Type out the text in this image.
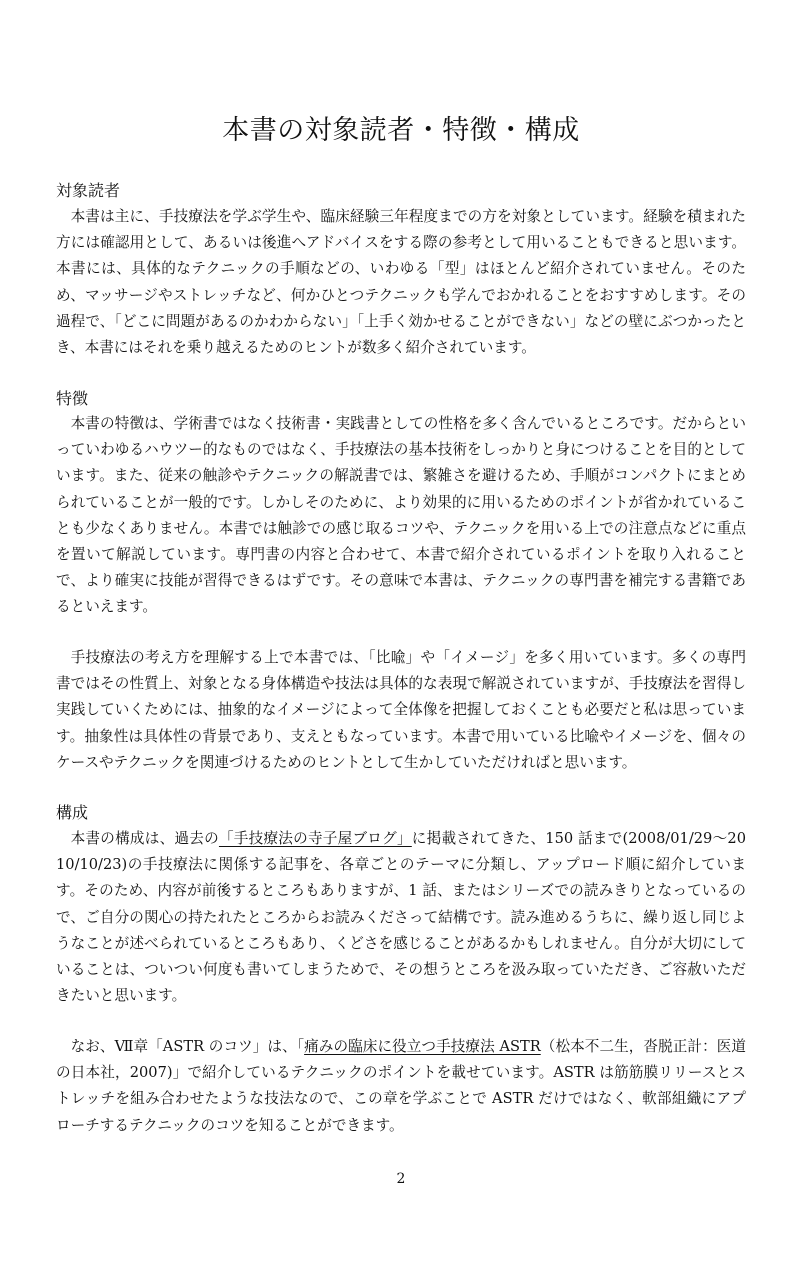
本書の対象読者・特徴・構成
対象読者

本書は主に、手技療法を学ぶ学生や、臨床経験三年程度までの方を対象としています。経験を積まれた方には確認用として、あるいは後進へアドバイスをする際の参考として用いることもできると思います。本書には、具体的なテクニックの手順などの、いわゆる「型」はほとんど紹介されていません。そのため、マッサージやストレッチなど、何かひとつテクニックも学んでおかれることをおすすめします。その過程で、「どこに問題があるのかわからない」「上手く効かせることができない」などの壁にぶつかったとき、本書にはそれを乗り越えるためのヒントが数多く紹介されています。

特徴

本書の特徴は、学術書ではなく技術書・実践書としての性格を多く含んでいるところです。だからといっていわゆるハウツー的なものではなく、手技療法の基本技術をしっかりと身につけることを目的としています。また、従来の触診やテクニックの解説書では、繁雑さを避けるため、手順がコンパクトにまとめられていることが一般的です。しかしそのために、より効果的に用いるためのポイントが省かれていることも少なくありません。本書では触診での感じ取るコツや、テクニックを用いる上での注意点などに重点を置いて解説しています。専門書の内容と合わせて、本書で紹介されているポイントを取り入れることで、より確実に技能が習得できるはずです。その意味で本書は、テクニックの専門書を補完する書籍であるといえます。

手技療法の考え方を理解する上で本書では、「比喩」や「イメージ」を多く用いています。多くの専門書ではその性質上、対象となる身体構造や技法は具体的な表現で解説されていますが、手技療法を習得し実践していくためには、抽象的なイメージによって全体像を把握しておくことも必要だと私は思っています。抽象性は具体性の背景であり、支えともなっています。本書で用いている比喩やイメージを、個々のケースやテクニックを関連づけるためのヒントとして生かしていただければと思います。

構成

本書の構成は、過去の「手技療法の寺子屋ブログ」に掲載されてきた、150 話まで(2008/01/29～2010/10/23)の手技療法に関係する記事を、各章ごとのテーマに分類し、アップロード順に紹介しています。そのため、内容が前後するところもありますが、1 話、またはシリーズでの読みきりとなっているので、ご自分の関心の持たれたところからお読みくださって結構です。読み進めるうちに、繰り返し同じようなことが述べられているところもあり、くどさを感じることがあるかもしれません。自分が大切にしていることは、ついつい何度も書いてしまうためで、その想うところを汲み取っていただき、ご容赦いただきたいと思います。

なお、Ⅶ章「ASTR のコツ」は、「痛みの臨床に役立つ手技療法 ASTR（松本不二生，沓脱正計：医道の日本社，2007)」で紹介しているテクニックのポイントを載せています。ASTR は筋筋膜リリースとストレッチを組み合わせたような技法なので、この章を学ぶことで ASTR だけではなく、軟部組織にアプローチするテクニックのコツを知ることができます。

2
